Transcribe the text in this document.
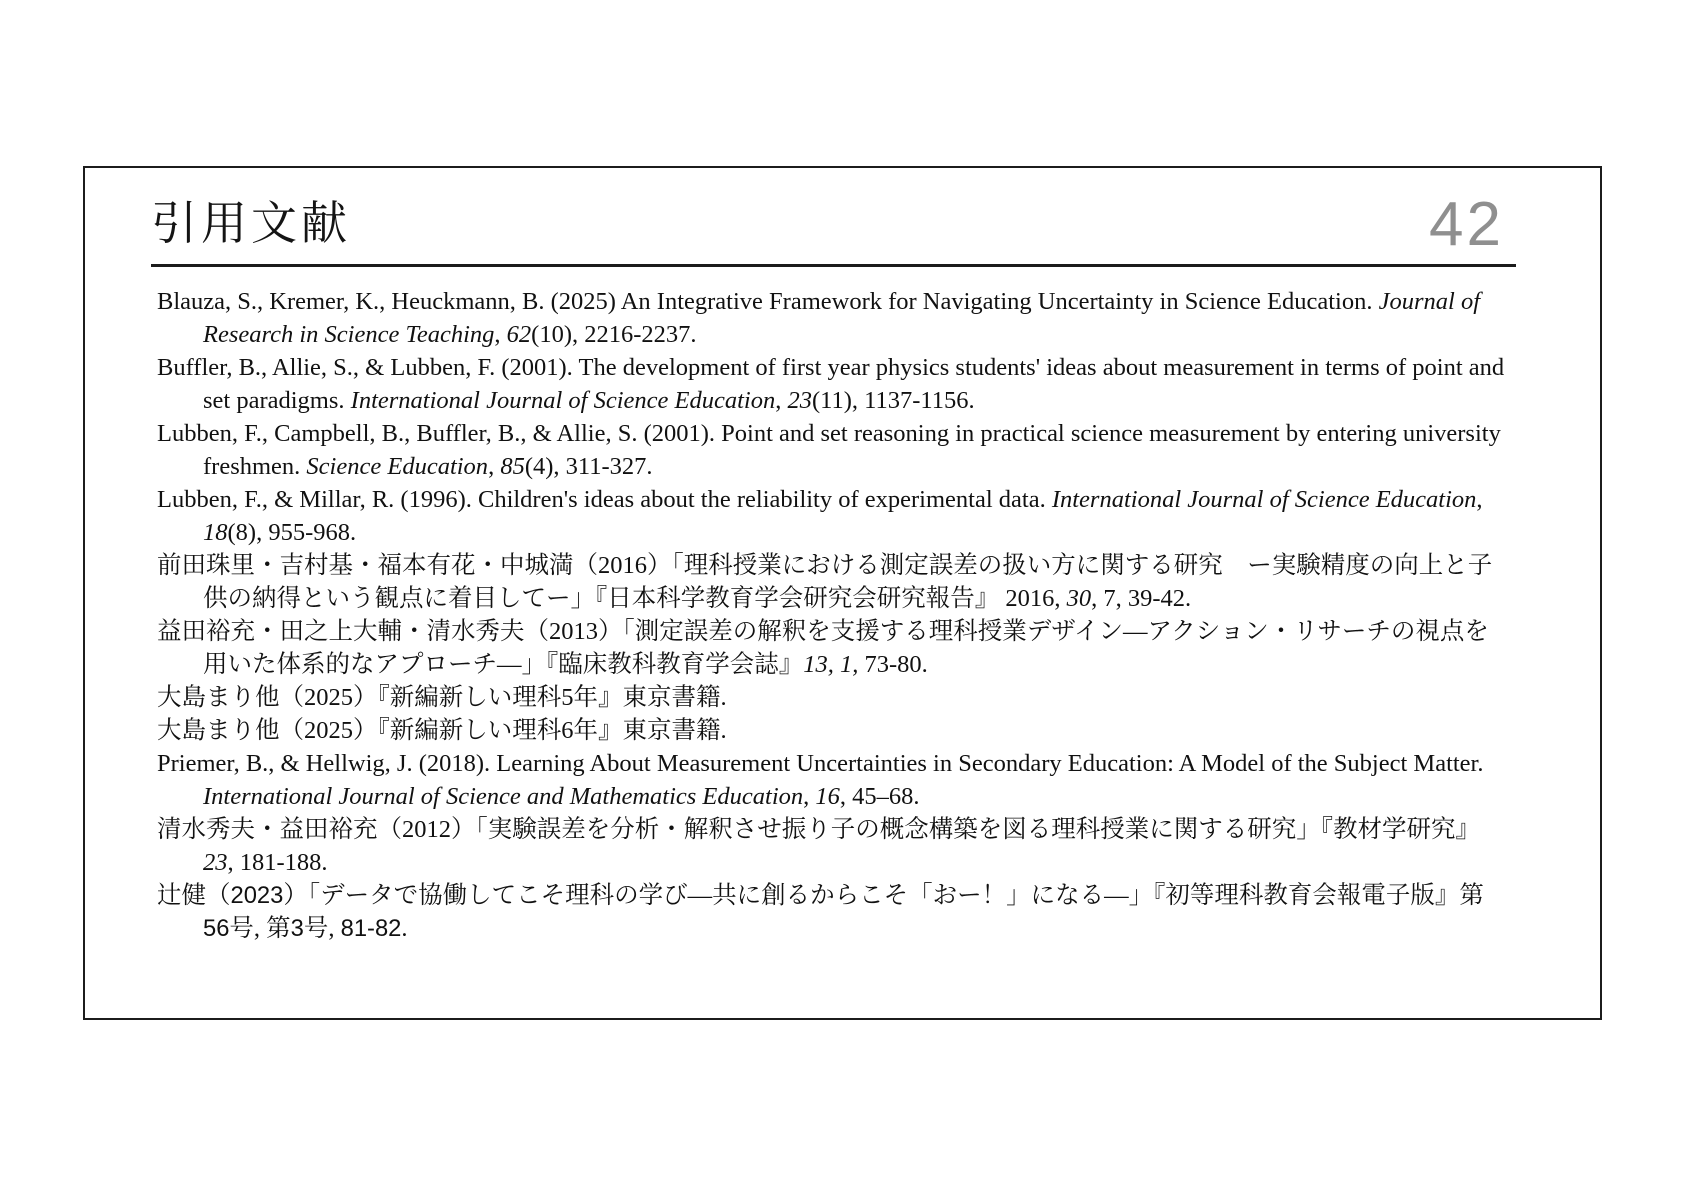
引用文献	42

Blauza, S., Kremer, K., Heuckmann, B. (2025) An Integrative Framework for Navigating Uncertainty in Science Education. Journal of Research in Science Teaching, 62(10), 2216-2237.

Buffler, B., Allie, S., & Lubben, F. (2001). The development of first year physics students' ideas about measurement in terms of point and set paradigms. International Journal of Science Education, 23(11), 1137-1156.

Lubben, F., Campbell, B., Buffler, B., & Allie, S. (2001). Point and set reasoning in practical science measurement by entering university freshmen. Science Education, 85(4), 311-327.

Lubben, F., & Millar, R. (1996). Children's ideas about the reliability of experimental data. International Journal of Science Education, 18(8), 955-968.

前田珠里・吉村基・福本有花・中城満（2016）「理科授業における測定誤差の扱い方に関する研究　ー実験精度の向上と子供の納得という観点に着目してー」『日本科学教育学会研究会研究報告』 2016, 30, 7, 39-42.

益田裕充・田之上大輔・清水秀夫（2013）「測定誤差の解釈を支援する理科授業デザイン—アクション・リサーチの視点を用いた体系的なアプローチ—」『臨床教科教育学会誌』13, 1, 73-80.

大島まり他（2025）『新編新しい理科5年』東京書籍.

大島まり他（2025）『新編新しい理科6年』東京書籍.

Priemer, B., & Hellwig, J. (2018). Learning About Measurement Uncertainties in Secondary Education: A Model of the Subject Matter. International Journal of Science and Mathematics Education, 16, 45–68.

清水秀夫・益田裕充（2012）「実験誤差を分析・解釈させ振り子の概念構築を図る理科授業に関する研究」『教材学研究』23, 181-188.

辻健（2023）「データで協働してこそ理科の学び―共に創るからこそ「おー！」になる―」『初等理科教育会報電子版』第56号, 第3号, 81-82.
